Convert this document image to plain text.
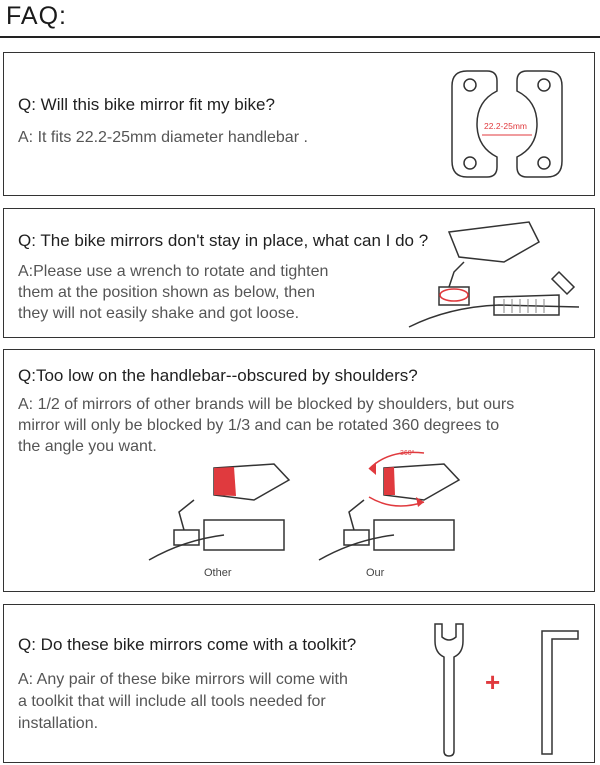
FAQ:
Q: Will this bike mirror fit my bike?
A: It fits 22.2-25mm diameter handlebar .
22.2-25mm
Q: The bike mirrors don't stay in place, what can I do ?
A:Please use a wrench to rotate and tighten
them at the position shown as below, then
they will not easily shake and got loose.
Q:Too low on the handlebar--obscured by shoulders?
A: 1/2 of mirrors of other brands will be blocked by shoulders, but ours
mirror will only be blocked by 1/3 and can be rotated 360 degrees to
the angle you want.
Other
360°
Our
Q: Do these bike mirrors come with a toolkit?
A: Any pair of these bike mirrors will come with
a toolkit that will include all tools needed for
installation.
+
